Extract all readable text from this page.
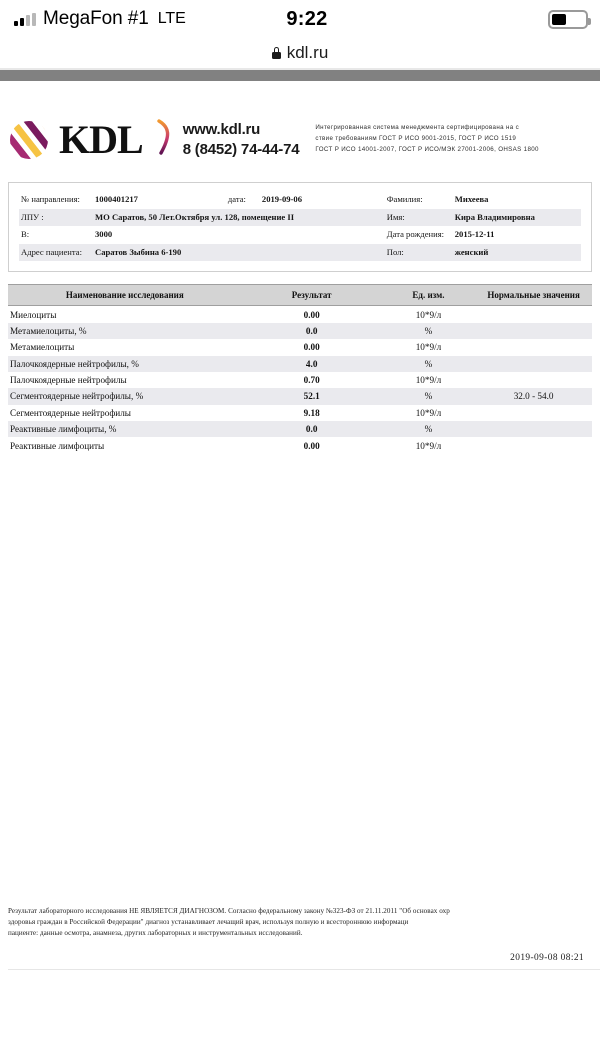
MegaFon #1 LTE	9:22
kdl.ru
KDL	www.kdl.ru
8 (8452) 74-44-74
Интегрированная система менеджмента сертифицирована на с
ствие требованиям ГОСТ Р ИСО 9001-2015, ГОСТ Р ИСО 1519
ГОСТ Р ИСО 14001-2007, ГОСТ Р ИСО/МЭК 27001-2006, OHSAS 1800
№ направления:	1000401217	дата:	2019-09-06	Фамилия:	Михеева
ЛПУ :	МО Саратов, 50 Лет.Октября ул. 128, помещение II			Имя:	Кира Владимировна
В:	3000			Дата рождения:	2015-12-11
Адрес пациента:	Саратов Зыбина 6-190			Пол:	женский
Наименование исследования	Результат	Ед. изм.	Нормальные значения
Миелоциты	0.00	10*9/л	
Метамиелоциты, %	0.0	%	
Метамиелоциты	0.00	10*9/л	
Палочкоядерные нейтрофилы, %	4.0	%	
Палочкоядерные нейтрофилы	0.70	10*9/л	
Сегментоядерные нейтрофилы, %	52.1	%	32.0 - 54.0
Сегментоядерные нейтрофилы	9.18	10*9/л	
Реактивные лимфоциты, %	0.0	%	
Реактивные лимфоциты	0.00	10*9/л	

Результат лабораторного исследования НЕ ЯВЛЯЕТСЯ ДИАГНОЗОМ. Согласно федеральному закону №323-ФЗ от 21.11.2011 "Об основах охр

здоровья граждан в Российской Федерации" диагноз устанавливает лечащий врач, используя полную и всестороннюю информаци

пациенте: данные осмотра, анамнеза, других лабораторных и инструментальных исследований.

2019-09-08 08:21
